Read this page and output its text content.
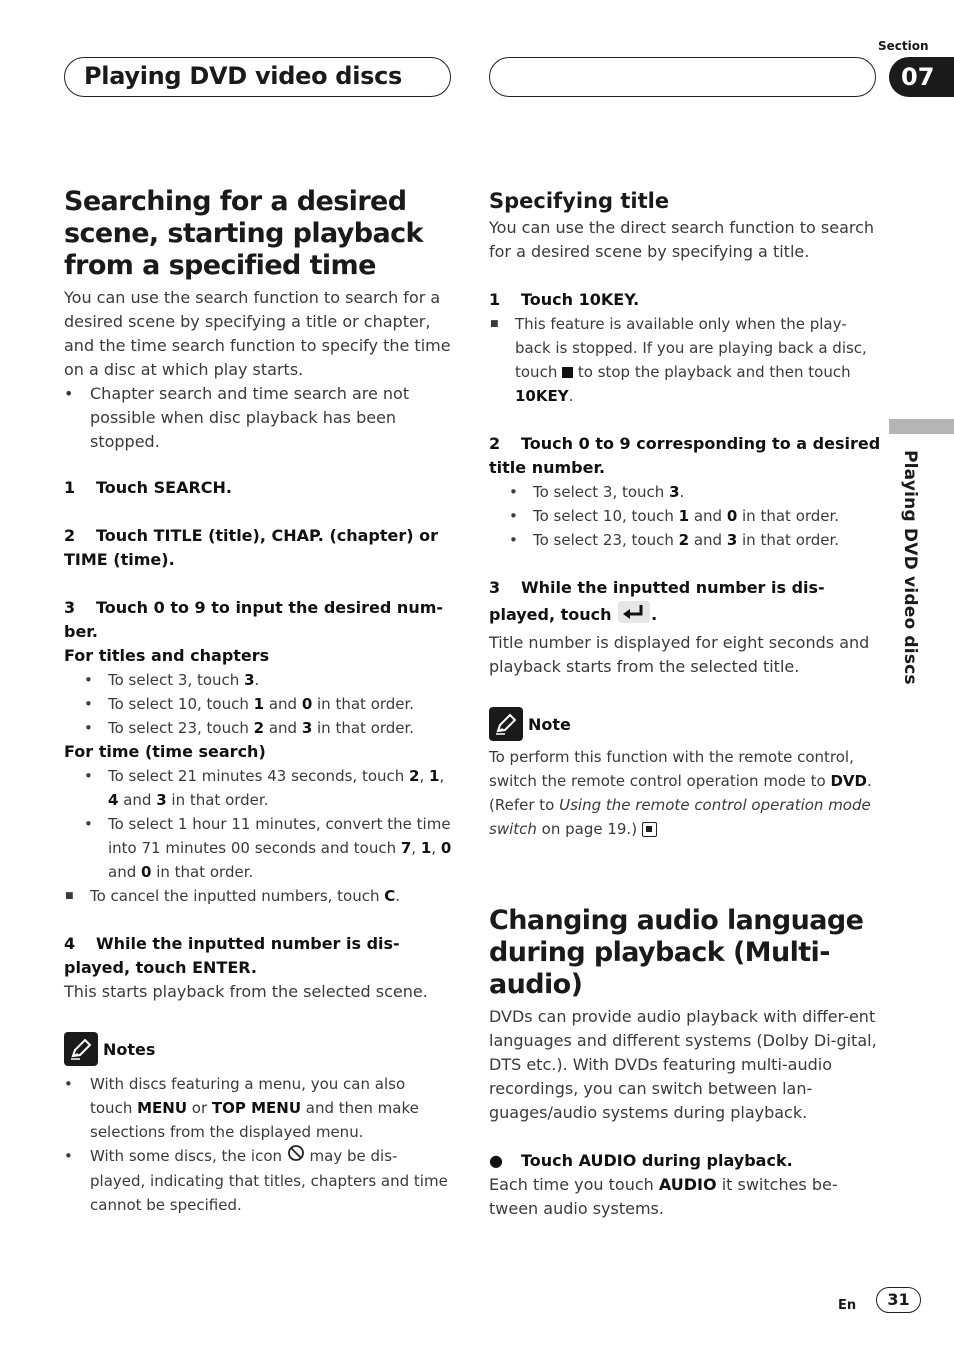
Playing DVD video discs
Section
07
Playing DVD video discs
Searching for a desired scene, starting playback from a specified time

You can use the search function to search for a desired scene by specifying a title or chapter, and the time search function to specify the time on a disc at which play starts.

• Chapter search and time search are not possible when disc playback has been stopped.
1 Touch SEARCH.
2 Touch TITLE (title), CHAP. (chapter) or TIME (time).
3 Touch 0 to 9 to input the desired num-ber.
For titles and chapters
• To select 3, touch 3.
• To select 10, touch 1 and 0 in that order.
• To select 23, touch 2 and 3 in that order.
For time (time search)
• To select 21 minutes 43 seconds, touch 2, 1, 4 and 3 in that order.
• To select 1 hour 11 minutes, convert the time into 71 minutes 00 seconds and touch 7, 1, 0 and 0 in that order.
■ To cancel the inputted numbers, touch C.
4 While the inputted number is dis-played, touch ENTER.

This starts playback from the selected scene.

Notes
• With discs featuring a menu, you can also touch MENU or TOP MENU and then make selections from the displayed menu.
• With some discs, the icon  may be dis-played, indicating that titles, chapters and time cannot be specified.
Specifying title

You can use the direct search function to search for a desired scene by specifying a title.

1 Touch 10KEY.
■ This feature is available only when the play-back is stopped. If you are playing back a disc, touch  to stop the playback and then touch 10KEY.
2 Touch 0 to 9 corresponding to a desired title number.
• To select 3, touch 3.
• To select 10, touch 1 and 0 in that order.
• To select 23, touch 2 and 3 in that order.
3 While the inputted number is dis-played, touch .

Title number is displayed for eight seconds and playback starts from the selected title.

Note
To perform this function with the remote control, switch the remote control operation mode to DVD. (Refer to Using the remote control operation mode switch on page 19.)
Changing audio language during playback (Multi-audio)

DVDs can provide audio playback with differ-ent languages and different systems (Dolby Di-gital, DTS etc.). With DVDs featuring multi-audio recordings, you can switch between lan-guages/audio systems during playback.

● Touch AUDIO during playback.

Each time you touch AUDIO it switches be-tween audio systems.

En	31
